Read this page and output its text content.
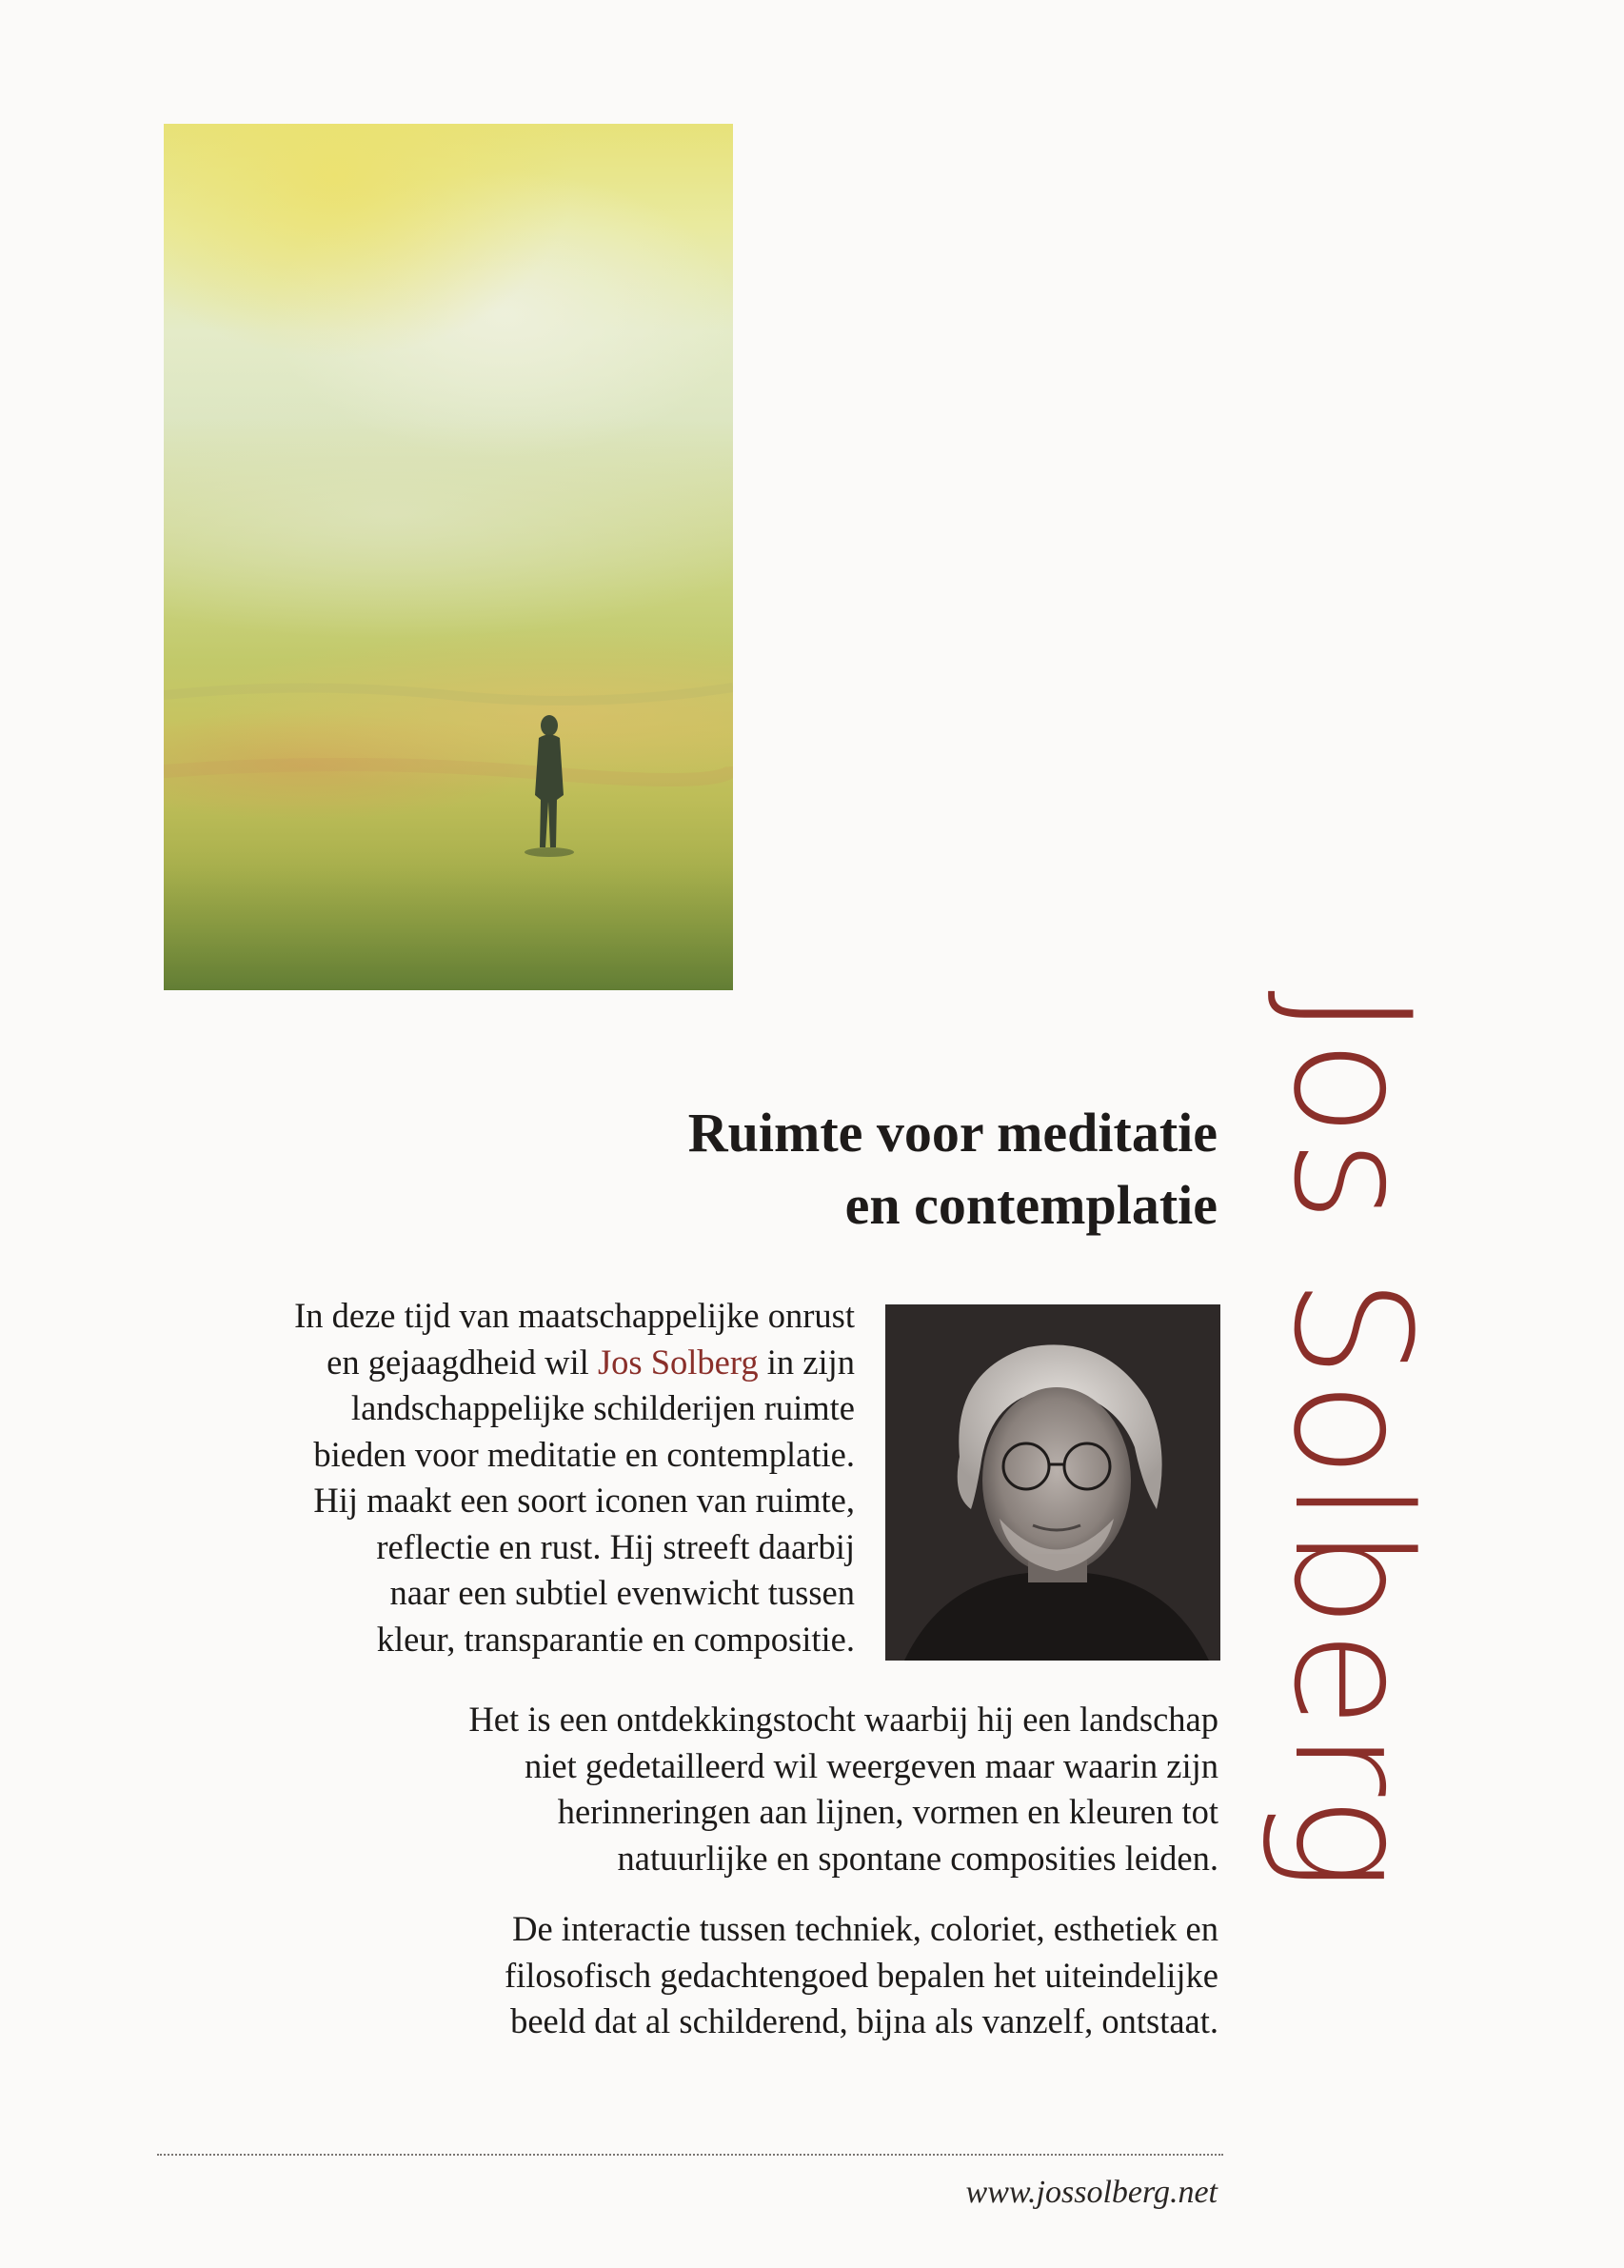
Jos Solberg
Ruimte voor meditatie
en contemplatie
In deze tijd van maatschappelijke onrust
en gejaagdheid wil Jos Solberg in zijn
landschappelijke schilderijen ruimte
bieden voor meditatie en contemplatie.
Hij maakt een soort iconen van ruimte,
reflectie en rust. Hij streeft daarbij
naar een subtiel evenwicht tussen
kleur, transparantie en compositie.
Het is een ontdekkingstocht waarbij hij een landschap
niet gedetailleerd wil weergeven maar waarin zijn
herinneringen aan lijnen, vormen en kleuren tot
natuurlijke en spontane composities leiden.
De interactie tussen techniek, coloriet, esthetiek en
filosofisch gedachtengoed bepalen het uiteindelijke
beeld dat al schilderend, bijna als vanzelf, ontstaat.
www.jossolberg.net
